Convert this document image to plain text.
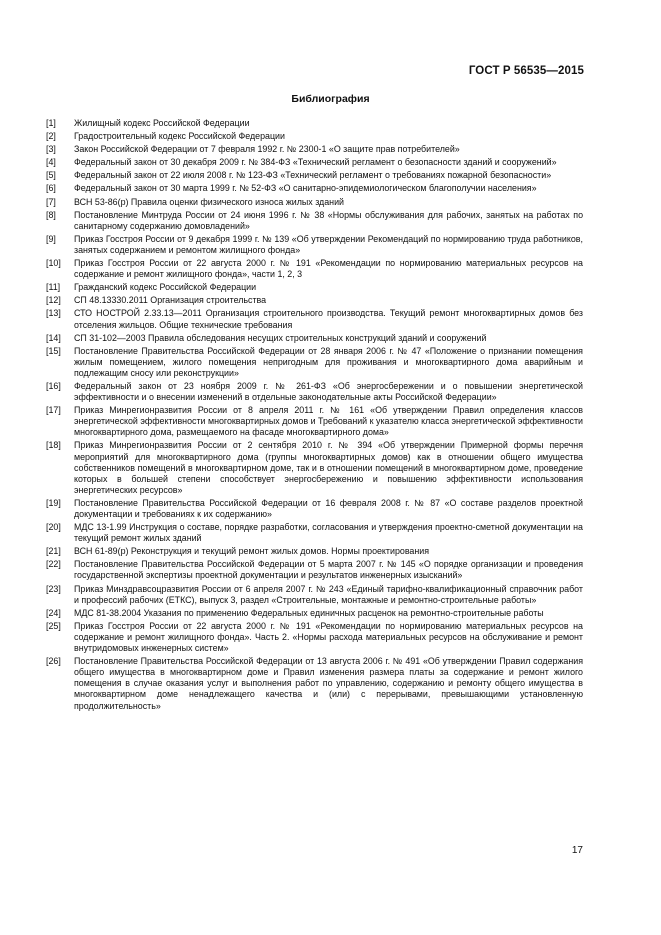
ГОСТ Р 56535—2015
Библиография
[1]	Жилищный кодекс Российской Федерации
[2]	Градостроительный кодекс Российской Федерации
[3]	Закон Российской Федерации от 7 февраля 1992 г. № 2300-1 «О защите прав потребителей»
[4]	Федеральный закон от 30 декабря 2009 г. № 384-ФЗ «Технический регламент о безопасности зданий и сооружений»
[5]	Федеральный закон от 22 июля 2008 г. № 123-ФЗ «Технический регламент о требованиях пожарной безопасности»
[6]	Федеральный закон от 30 марта 1999 г. № 52-ФЗ «О санитарно-эпидемиологическом благополучии населения»
[7]	ВСН 53-86(р) Правила оценки физического износа жилых зданий
[8]	Постановление Минтруда России от 24 июня 1996 г. № 38 «Нормы обслуживания для рабочих, занятых на работах по санитарному содержанию домовладений»
[9]	Приказ Госстроя России от 9 декабря 1999 г. № 139 «Об утверждении Рекомендаций по нормированию труда работников, занятых содержанием и ремонтом жилищного фонда»
[10]	Приказ Госстроя России от 22 августа 2000 г. № 191 «Рекомендации по нормированию материальных ресурсов на содержание и ремонт жилищного фонда», части 1, 2, 3
[11]	Гражданский кодекс Российской Федерации
[12]	СП 48.13330.2011 Организация строительства
[13]	СТО НОСТРОЙ 2.33.13—2011 Организация строительного производства. Текущий ремонт многоквартирных домов без отселения жильцов. Общие технические требования
[14]	СП 31-102—2003 Правила обследования несущих строительных конструкций зданий и сооружений
[15]	Постановление Правительства Российской Федерации от 28 января 2006 г. № 47 «Положение о признании помещения жилым помещением, жилого помещения непригодным для проживания и многоквартирного дома аварийным и подлежащим сносу или реконструкции»
[16]	Федеральный закон от 23 ноября 2009 г. № 261-ФЗ «Об энергосбережении и о повышении энергетической эффективности и о внесении изменений в отдельные законодательные акты Российской Федерации»
[17]	Приказ Минрегионразвития России от 8 апреля 2011 г. № 161 «Об утверждении Правил определения классов энергетической эффективности многоквартирных домов и Требований к указателю класса энергетической эффективности многоквартирного дома, размещаемого на фасаде многоквартирного дома»
[18]	Приказ Минрегионразвития России от 2 сентября 2010 г. № 394 «Об утверждении Примерной формы перечня мероприятий для многоквартирного дома (группы многоквартирных домов) как в отношении общего имущества собственников помещений в многоквартирном доме, так и в отношении помещений в многоквартирном доме, проведение которых в большей степени способствует энергосбережению и повышению эффективности использования энергетических ресурсов»
[19]	Постановление Правительства Российской Федерации от 16 февраля 2008 г. № 87 «О составе разделов проектной документации и требованиях к их содержанию»
[20]	МДС 13-1.99 Инструкция о составе, порядке разработки, согласования и утверждения проектно-сметной документации на текущий ремонт жилых зданий
[21]	ВСН 61-89(р) Реконструкция и текущий ремонт жилых домов. Нормы проектирования
[22]	Постановление Правительства Российской Федерации от 5 марта 2007 г. № 145 «О порядке организации и проведения государственной экспертизы проектной документации и результатов инженерных изысканий»
[23]	Приказ Минздравсоцразвития России от 6 апреля 2007 г. № 243 «Единый тарифно-квалификационный справочник работ и профессий рабочих (ЕТКС), выпуск 3, раздел «Строительные, монтажные и ремонтно-строительные работы»
[24]	МДС 81-38.2004 Указания по применению Федеральных единичных расценок на ремонтно-строительные работы
[25]	Приказ Госстроя России от 22 августа 2000 г. № 191 «Рекомендации по нормированию материальных ресурсов на содержание и ремонт жилищного фонда». Часть 2. «Нормы расхода материальных ресурсов на обслуживание и ремонт внутридомовых инженерных систем»
[26]	Постановление Правительства Российской Федерации от 13 августа 2006 г. № 491 «Об утверждении Правил содержания общего имущества в многоквартирном доме и Правил изменения размера платы за содержание и ремонт жилого помещения в случае оказания услуг и выполнения работ по управлению, содержанию и ремонту общего имущества в многоквартирном доме ненадлежащего качества и (или) с перерывами, превышающими установленную продолжительность»
17
